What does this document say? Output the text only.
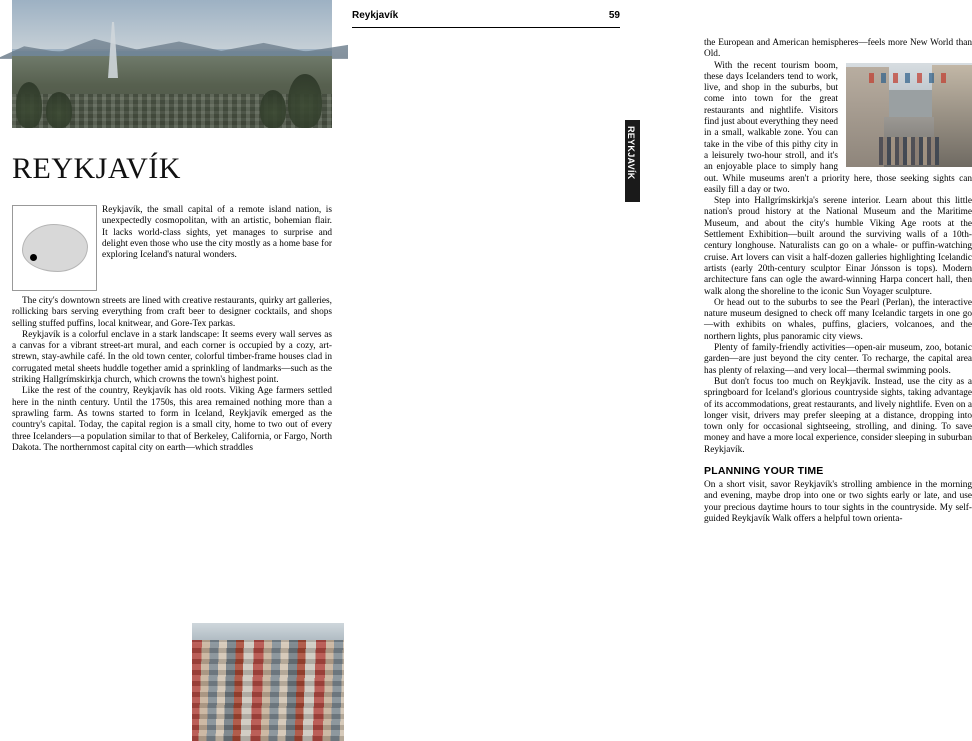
REYKJAVÍK

Reykjavík, the small capital of a remote island nation, is unexpectedly cosmopolitan, with an artistic, bohemian flair. It lacks world-class sights, yet manages to surprise and delight even those who use the city mostly as a home base for exploring Iceland's natural wonders.

The city's downtown streets are lined with creative restaurants, quirky art galleries, rollicking bars serving everything from craft beer to designer cocktails, and shops selling stuffed puffins, local knitwear, and Gore-Tex parkas.

Reykjavík is a colorful enclave in a stark landscape: It seems every wall serves as a canvas for a vibrant street-art mural, and each corner is occupied by a cozy, art-strewn, stay-awhile café. In the old town center, colorful timber-frame houses clad in corrugated metal sheets huddle together amid a sprinkling of landmarks—such as the striking Hallgrímskirkja church, which crowns the town's highest point.

Like the rest of the country, Reykjavík has old roots. Viking Age farmers settled here in the ninth century. Until the 1750s, this area remained nothing more than a sprawling farm. As towns started to form in Iceland, Reykjavík emerged as the country's capital. Today, the capital region is a small city, home to two out of every three Icelanders—a population similar to that of Berkeley, California, or Fargo, North Dakota. The northernmost capital city on earth—which straddles

Reykjavík	59

the European and American hemispheres—feels more New World than Old.

With the recent tourism boom, these days Icelanders tend to work, live, and shop in the suburbs, but come into town for the great restaurants and nightlife. Visitors find just about everything they need in a small, walkable zone. You can take in the vibe of this pithy city in a leisurely two-hour stroll, and it's an enjoyable place to simply hang out. While museums aren't a priority here, those seeking sights can easily fill a day or two.

Step into Hallgrímskirkja's serene interior. Learn about this little nation's proud history at the National Museum and the Maritime Museum, and about the city's humble Viking Age roots at the Settlement Exhibition—built around the surviving walls of a 10th-century longhouse. Naturalists can go on a whale- or puffin-watching cruise. Art lovers can visit a half-dozen galleries highlighting Icelandic artists (early 20th-century sculptor Einar Jónsson is tops). Modern architecture fans can ogle the award-winning Harpa concert hall, then walk along the shoreline to the iconic Sun Voyager sculpture.

Or head out to the suburbs to see the Pearl (Perlan), the interactive nature museum designed to check off many Icelandic targets in one go—with exhibits on whales, puffins, glaciers, volcanoes, and the northern lights, plus panoramic city views.

Plenty of family-friendly activities—open-air museum, zoo, botanic garden—are just beyond the city center. To recharge, the capital area has plenty of relaxing—and very local—thermal swimming pools.

But don't focus too much on Reykjavík. Instead, use the city as a springboard for Iceland's glorious countryside sights, taking advantage of its accommodations, great restaurants, and lively nightlife. Even on a longer visit, drivers may prefer sleeping at a distance, dropping into town only for occasional sightseeing, strolling, and dining. To save money and have a more local experience, consider sleeping in suburban Reykjavík.

PLANNING YOUR TIME

On a short visit, savor Reykjavík's strolling ambience in the morning and evening, maybe drop into one or two sights early or late, and use your precious daytime hours to tour sights in the countryside. My self-guided Reykjavík Walk offers a helpful town orienta-

REYKJAVÍK
